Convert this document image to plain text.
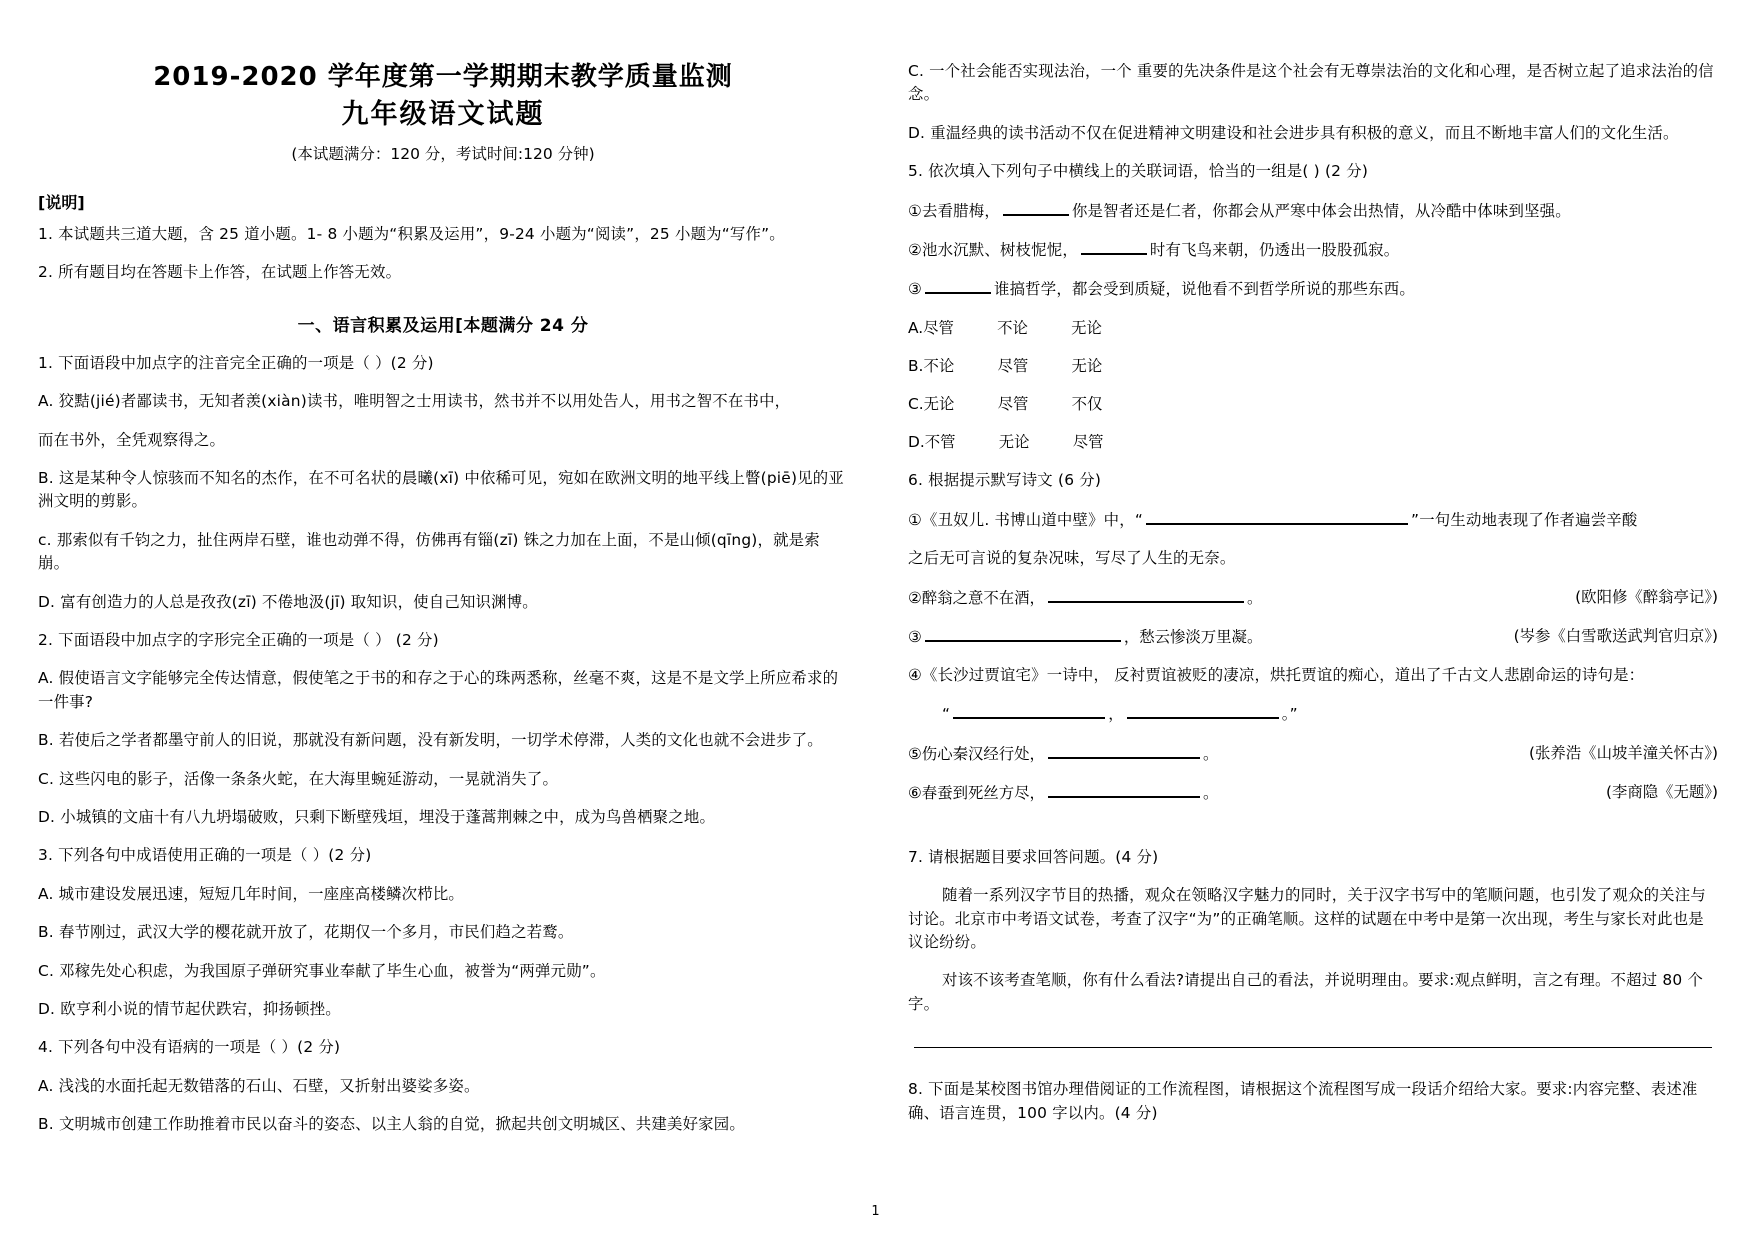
2019-2020 学年度第一学期期末教学质量监测
九年级语文试题
(本试题满分：120 分，考试时间:120 分钟)
[说明]
1. 本试题共三道大题，含 25 道小题。1- 8 小题为“积累及运用”，9-24 小题为“阅读”，25 小题为“写作”。
2. 所有题目均在答题卡上作答，在试题上作答无效。
一、语言积累及运用[本题满分 24 分
1. 下面语段中加点字的注音完全正确的一项是（ ）(2 分)
A. 狡黠(jié)者鄙读书，无知者羡(xiàn)读书，唯明智之士用读书，然书并不以用处告人，用书之智不在书中，
而在书外，全凭观察得之。
B. 这是某种令人惊骇而不知名的杰作，在不可名状的晨曦(xī) 中依稀可见，宛如在欧洲文明的地平线上瞥(piē)见的亚洲文明的剪影。
c. 那索似有千钧之力，扯住两岸石壁，谁也动弹不得，仿佛再有锱(zī) 铢之力加在上面，不是山倾(qīng)，就是索崩。
D. 富有创造力的人总是孜孜(zī) 不倦地汲(jī) 取知识，使自己知识渊博。
2. 下面语段中加点字的字形完全正确的一项是（ ） (2 分)
A. 假使语言文字能够完全传达情意，假使笔之于书的和存之于心的珠两悉称，丝毫不爽，这是不是文学上所应希求的一件事?
B. 若使后之学者都墨守前人的旧说，那就没有新问题，没有新发明，一切学术停滞，人类的文化也就不会进步了。
C. 这些闪电的影子，活像一条条火蛇，在大海里蜿延游动，一晃就消失了。
D. 小城镇的文庙十有八九坍塌破败，只剩下断壁残垣，埋没于蓬蒿荆棘之中，成为鸟兽栖聚之地。
3. 下列各句中成语使用正确的一项是（ ）(2 分)
A. 城市建设发展迅速，短短几年时间，一座座高楼鳞次栉比。
B. 春节刚过，武汉大学的樱花就开放了，花期仅一个多月，市民们趋之若鹜。
C. 邓稼先处心积虑，为我国原子弹研究事业奉献了毕生心血，被誉为“两弹元勋”。
D. 欧亨利小说的情节起伏跌宕，抑扬顿挫。
4. 下列各句中没有语病的一项是（ ）(2 分)
A. 浅浅的水面托起无数错落的石山、石壁，又折射出婆娑多姿。
B. 文明城市创建工作助推着市民以奋斗的姿态、以主人翁的自觉，掀起共创文明城区、共建美好家园。
C. 一个社会能否实现法治，一个 重要的先决条件是这个社会有无尊崇法治的文化和心理，是否树立起了追求法治的信念。
D. 重温经典的读书活动不仅在促进精神文明建设和社会进步具有积极的意义，而且不断地丰富人们的文化生活。
5. 依次填入下列句子中横线上的关联词语，恰当的一组是( ) (2 分)
①去看腊梅，	你是智者还是仁者，你都会从严寒中体会出热情，从冷酷中体味到坚强。
②池水沉默、树枝怩怩，	时有飞鸟来朝，仍透出一股股孤寂。
③	谁搞哲学，都会受到质疑，说他看不到哲学所说的那些东西。
A.尽管	不论	无论
B.不论	尽管	无论
C.无论	尽管	不仅
D.不管	无论	尽管
6. 根据提示默写诗文 (6 分)
①《丑奴儿. 书博山道中壁》中，“	”一句生动地表现了作者遍尝辛酸
之后无可言说的复杂况味，写尽了人生的无奈。
②醉翁之意不在酒，	。	(欧阳修《醉翁亭记》)
③	，愁云惨淡万里凝。	(岑参《白雪歌送武判官归京》)
④《长沙过贾谊宅》一诗中， 反衬贾谊被贬的凄凉，烘托贾谊的痴心，道出了千古文人悲剧命运的诗句是：
“	，	。”
⑤伤心秦汉经行处，	。	(张养浩《山坡羊潼关怀古》)
⑥春蚕到死丝方尽，	。	(李商隐《无题》)
7. 请根据题目要求回答问题。(4 分)
随着一系列汉字节目的热播，观众在领略汉字魅力的同时，关于汉字书写中的笔顺问题，也引发了观众的关注与讨论。北京市中考语文试卷，考查了汉字“为”的正确笔顺。这样的试题在中考中是第一次出现，考生与家长对此也是议论纷纷。
对该不该考查笔顺，你有什么看法?请提出自己的看法，并说明理由。要求:观点鲜明，言之有理。不超过 80 个字。
8. 下面是某校图书馆办理借阅证的工作流程图，请根据这个流程图写成一段话介绍给大家。要求:内容完整、表述准确、语言连贯，100 字以内。(4 分)
1
